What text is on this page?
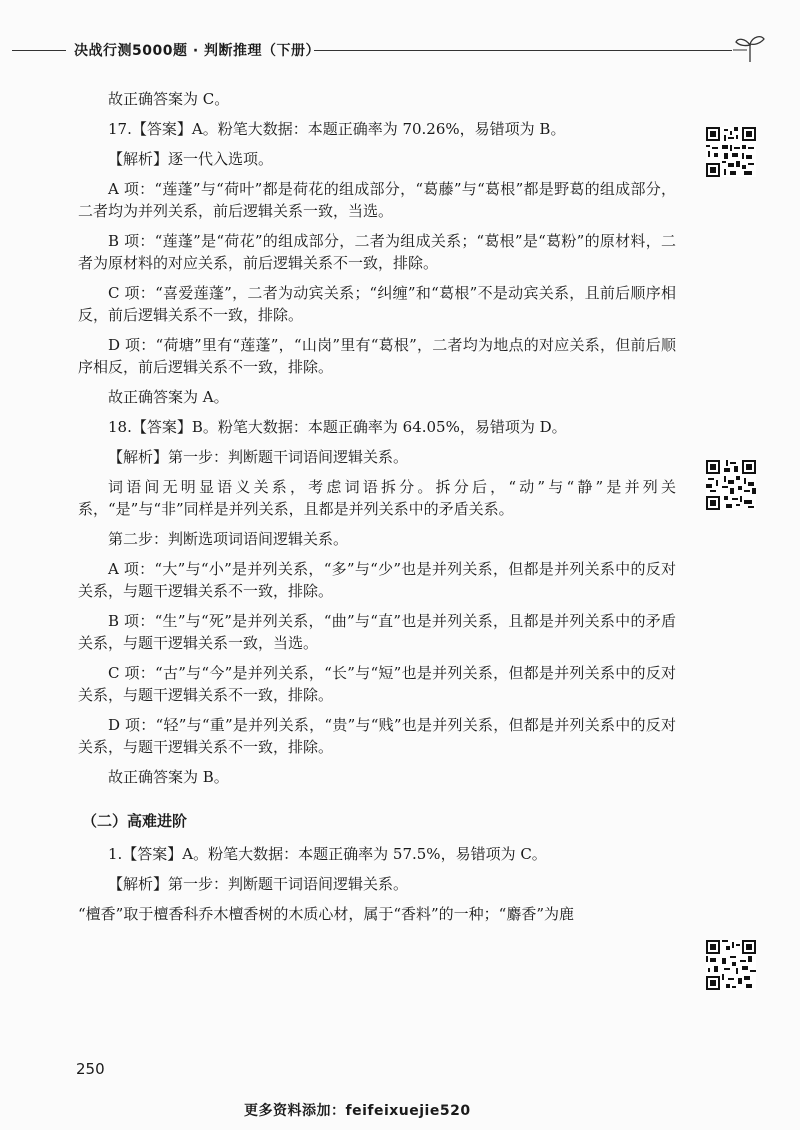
决战行测5000题 · 判断推理（下册）

故正确答案为 C。

17.【答案】A。粉笔大数据：本题正确率为 70.26%，易错项为 B。

【解析】逐一代入选项。

A 项：“莲蓬”与“荷叶”都是荷花的组成部分，“葛藤”与“葛根”都是野葛的组成部分，二者均为并列关系，前后逻辑关系一致，当选。

B 项：“莲蓬”是“荷花”的组成部分，二者为组成关系；“葛根”是“葛粉”的原材料，二者为原材料的对应关系，前后逻辑关系不一致，排除。

C 项：“喜爱莲蓬”，二者为动宾关系；“纠缠”和“葛根”不是动宾关系，且前后顺序相反，前后逻辑关系不一致，排除。

D 项：“荷塘”里有“莲蓬”，“山岗”里有“葛根”，二者均为地点的对应关系，但前后顺序相反，前后逻辑关系不一致，排除。

故正确答案为 A。

18.【答案】B。粉笔大数据：本题正确率为 64.05%，易错项为 D。

【解析】第一步：判断题干词语间逻辑关系。

词语间无明显语义关系，考虑词语拆分。拆分后，“动”与“静”是并列关系，“是”与“非”同样是并列关系，且都是并列关系中的矛盾关系。

第二步：判断选项词语间逻辑关系。

A 项：“大”与“小”是并列关系，“多”与“少”也是并列关系，但都是并列关系中的反对关系，与题干逻辑关系不一致，排除。

B 项：“生”与“死”是并列关系，“曲”与“直”也是并列关系，且都是并列关系中的矛盾关系，与题干逻辑关系一致，当选。

C 项：“古”与“今”是并列关系，“长”与“短”也是并列关系，但都是并列关系中的反对关系，与题干逻辑关系不一致，排除。

D 项：“轻”与“重”是并列关系，“贵”与“贱”也是并列关系，但都是并列关系中的反对关系，与题干逻辑关系不一致，排除。

故正确答案为 B。

（二）高难进阶

1.【答案】A。粉笔大数据：本题正确率为 57.5%，易错项为 C。

【解析】第一步：判断题干词语间逻辑关系。

“檀香”取于檀香科乔木檀香树的木质心材，属于“香料”的一种；“麝香”为鹿

250
更多资料添加：feifeixuejie520
